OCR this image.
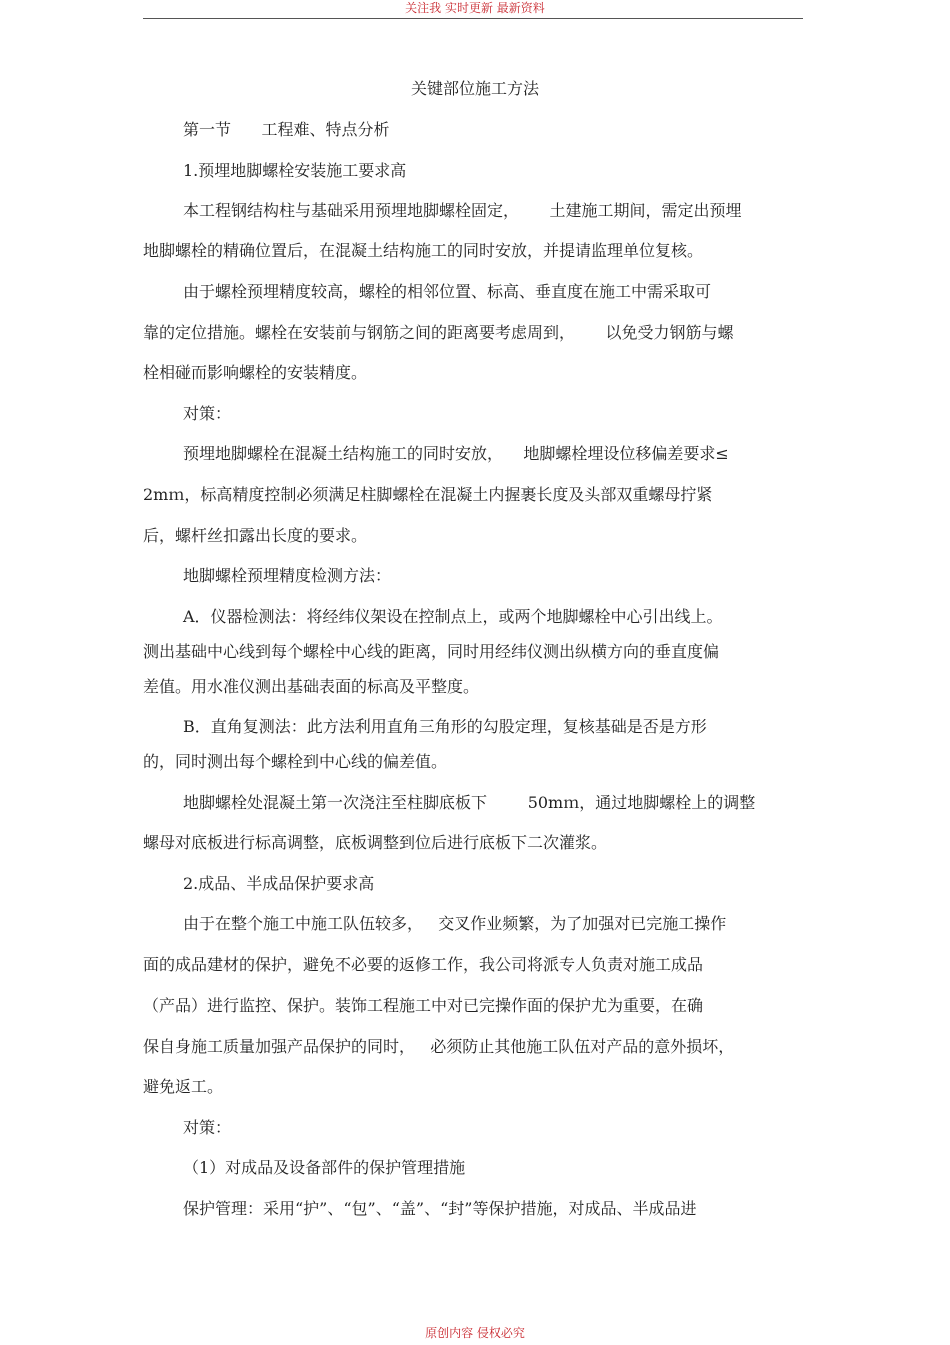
关注我 实时更新 最新资料
关键部位施工方法
第一节      工程难、特点分析
1.预埋地脚螺栓安装施工要求高
本工程钢结构柱与基础采用预埋地脚螺栓固定，      土建施工期间，需定出预埋
地脚螺栓的精确位置后，在混凝土结构施工的同时安放，并提请监理单位复核。
由于螺栓预埋精度较高，螺栓的相邻位置、标高、垂直度在施工中需采取可
靠的定位措施。螺栓在安装前与钢筋之间的距离要考虑周到，      以免受力钢筋与螺
栓相碰而影响螺栓的安装精度。
对策：
预埋地脚螺栓在混凝土结构施工的同时安放，    地脚螺栓埋设位移偏差要求≤
2mｍ，标高精度控制必须满足柱脚螺栓在混凝土内握裹长度及头部双重螺母拧紧
后，螺杆丝扣露出长度的要求。
地脚螺栓预埋精度检测方法：
A．仪器检测法：将经纬仪架设在控制点上，或两个地脚螺栓中心引出线上。
测出基础中心线到每个螺栓中心线的距离，同时用经纬仪测出纵横方向的垂直度偏
差值。用水准仪测出基础表面的标高及平整度。
B．直角复测法：此方法利用直角三角形的勾股定理，复核基础是否是方形
的，同时测出每个螺栓到中心线的偏差值。
地脚螺栓处混凝土第一次浇注至柱脚底板下        50mｍ，通过地脚螺栓上的调整
螺母对底板进行标高调整，底板调整到位后进行底板下二次灌浆。
2.成品、半成品保护要求高
由于在整个施工中施工队伍较多，   交叉作业频繁，为了加强对已完施工操作
面的成品建材的保护，避免不必要的返修工作，我公司将派专人负责对施工成品
（产品）进行监控、保护。装饰工程施工中对已完操作面的保护尤为重要，在确
保自身施工质量加强产品保护的同时，   必须防止其他施工队伍对产品的意外损坏，
避免返工。
对策：
（1）对成品及设备部件的保护管理措施
保护管理：采用“护”、“包”、“盖”、“封”等保护措施，对成品、半成品进
原创内容 侵权必究
